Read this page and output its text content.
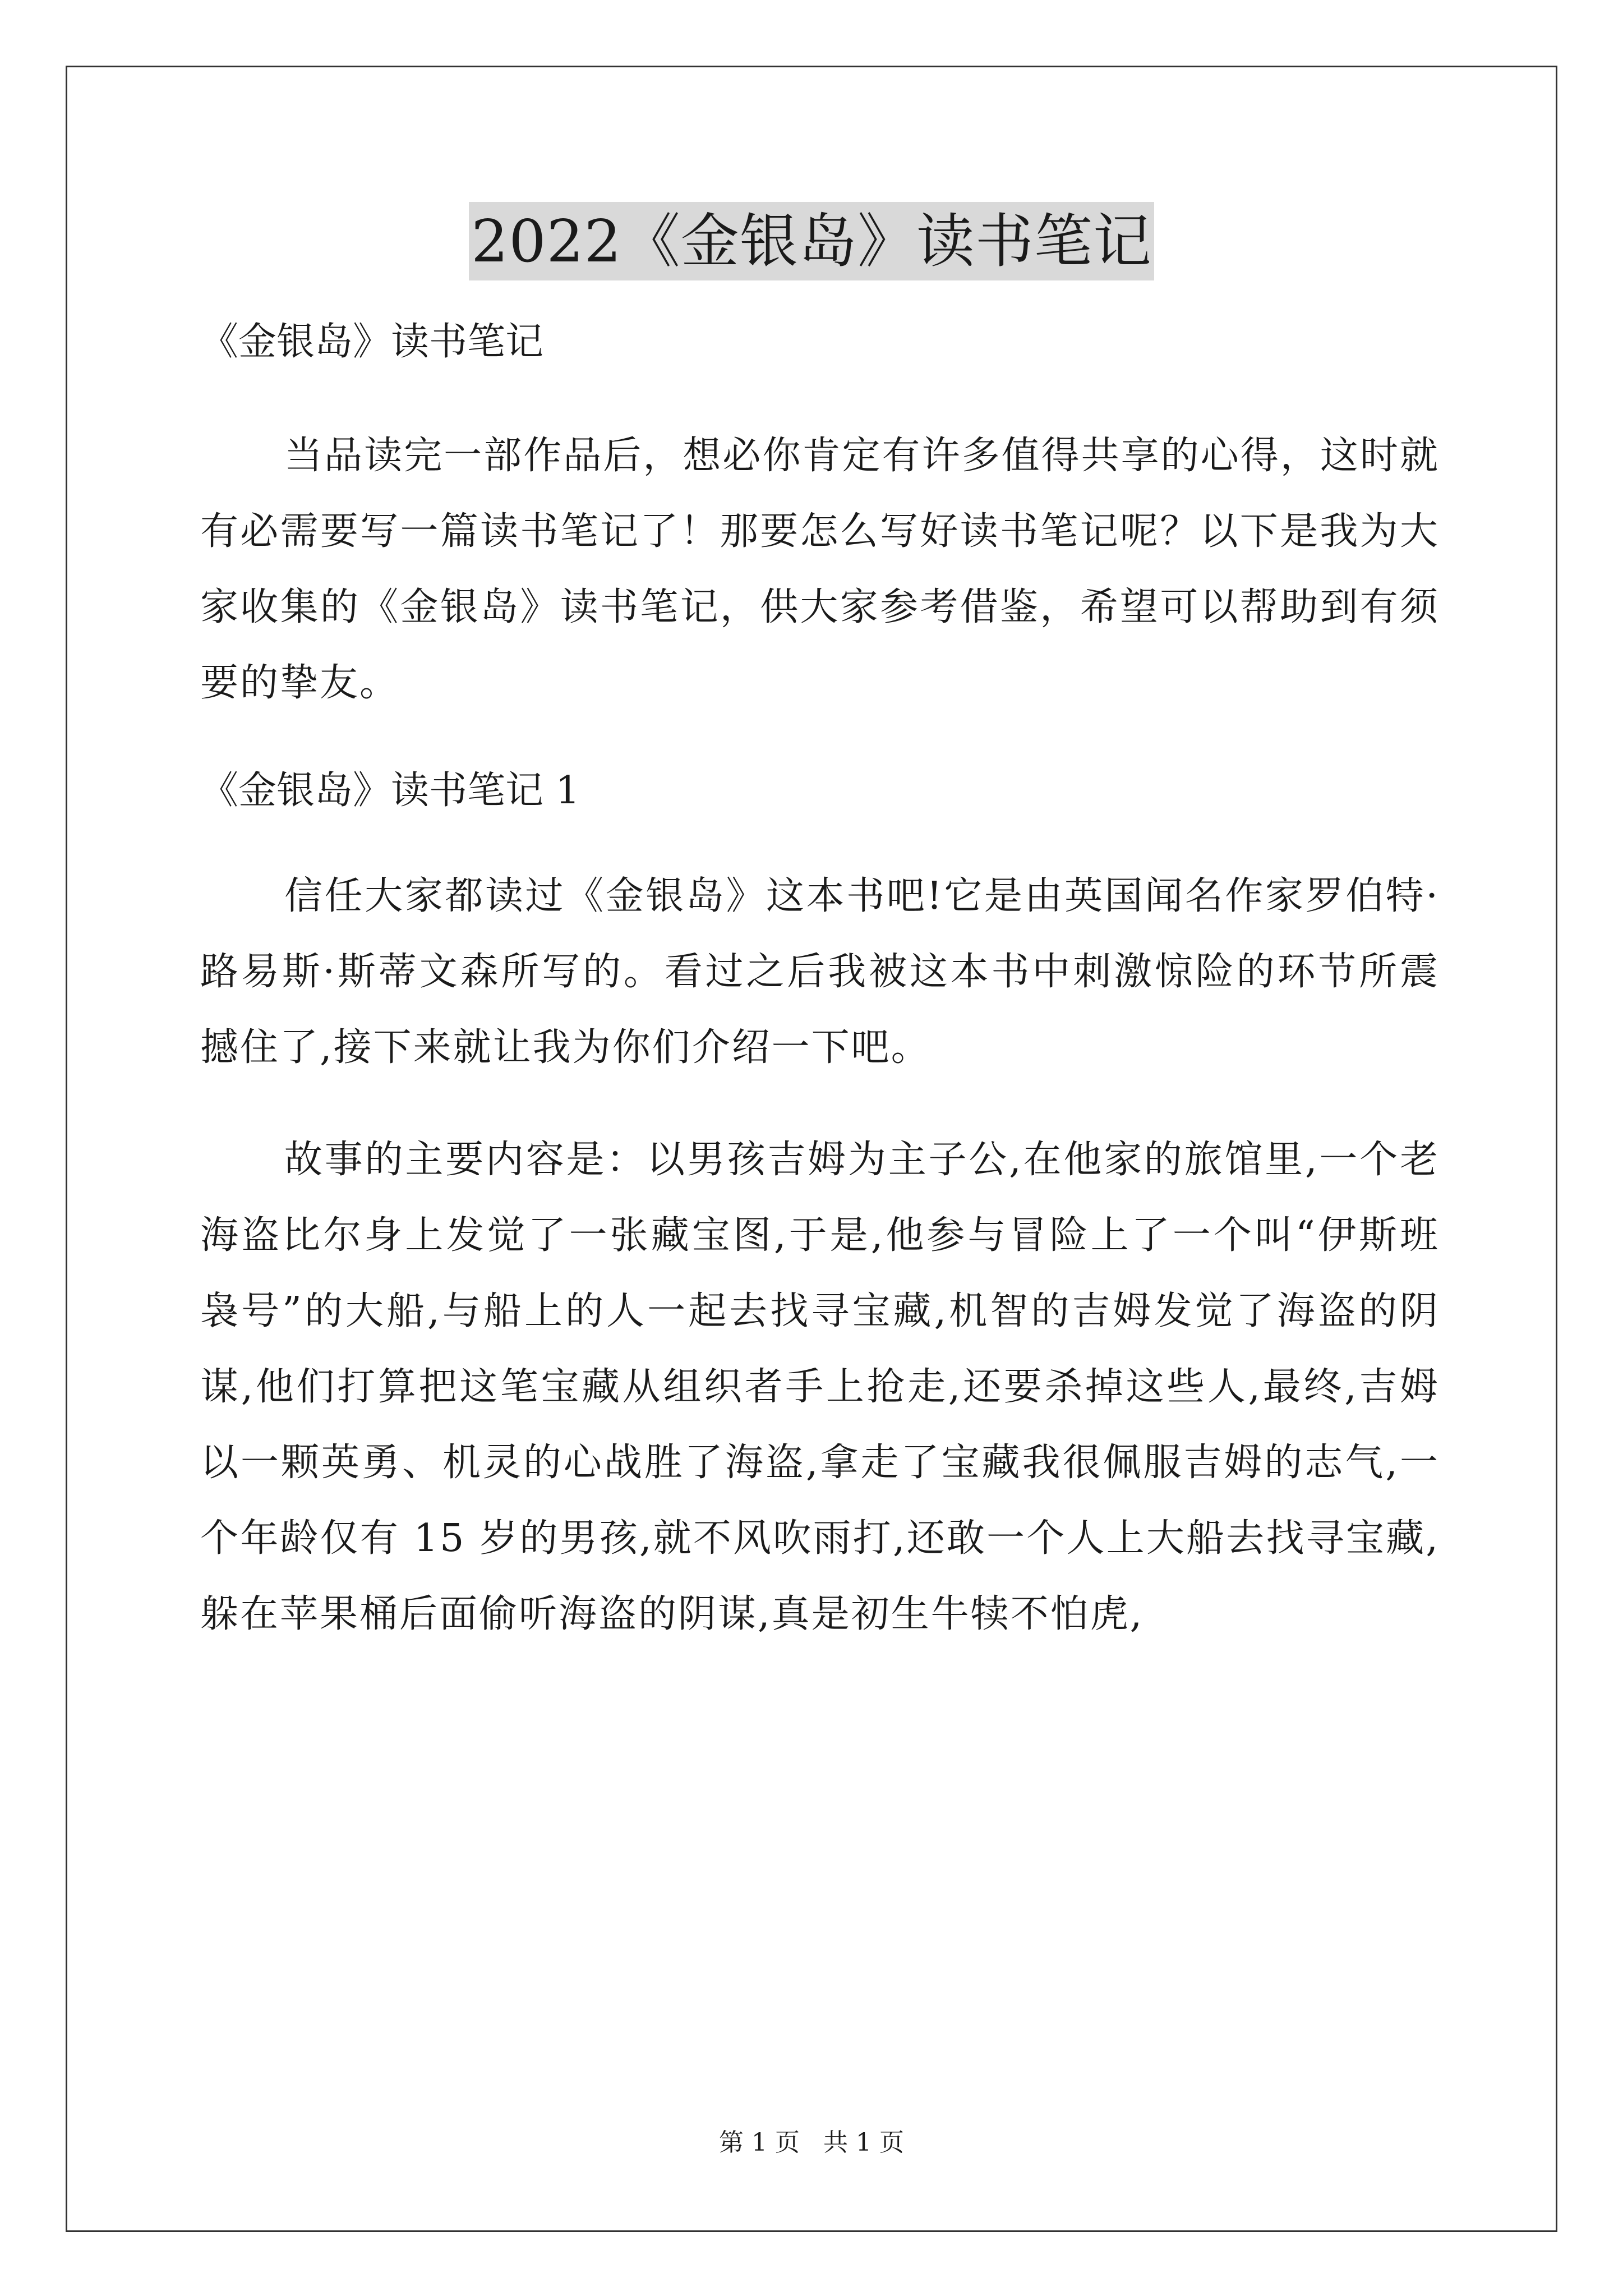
2022《金银岛》读书笔记

《金银岛》读书笔记

当品读完一部作品后，想必你肯定有许多值得共享的心得，这时就有必需要写一篇读书笔记了！那要怎么写好读书笔记呢？以下是我为大家收集的《金银岛》读书笔记，供大家参考借鉴，希望可以帮助到有须要的挚友。

《金银岛》读书笔记 1

信任大家都读过《金银岛》这本书吧!它是由英国闻名作家罗伯特·路易斯·斯蒂文森所写的。看过之后我被这本书中刺激惊险的环节所震撼住了,接下来就让我为你们介绍一下吧。

故事的主要内容是：以男孩吉姆为主子公,在他家的旅馆里,一个老海盗比尔身上发觉了一张藏宝图,于是,他参与冒险上了一个叫“伊斯班袅号”的大船,与船上的人一起去找寻宝藏,机智的吉姆发觉了海盗的阴谋,他们打算把这笔宝藏从组织者手上抢走,还要杀掉这些人,最终,吉姆以一颗英勇、机灵的心战胜了海盗,拿走了宝藏我很佩服吉姆的志气,一个年龄仅有 15 岁的男孩,就不风吹雨打,还敢一个人上大船去找寻宝藏,躲在苹果桶后面偷听海盗的阴谋,真是初生牛犊不怕虎,

第 1 页   共 1 页
